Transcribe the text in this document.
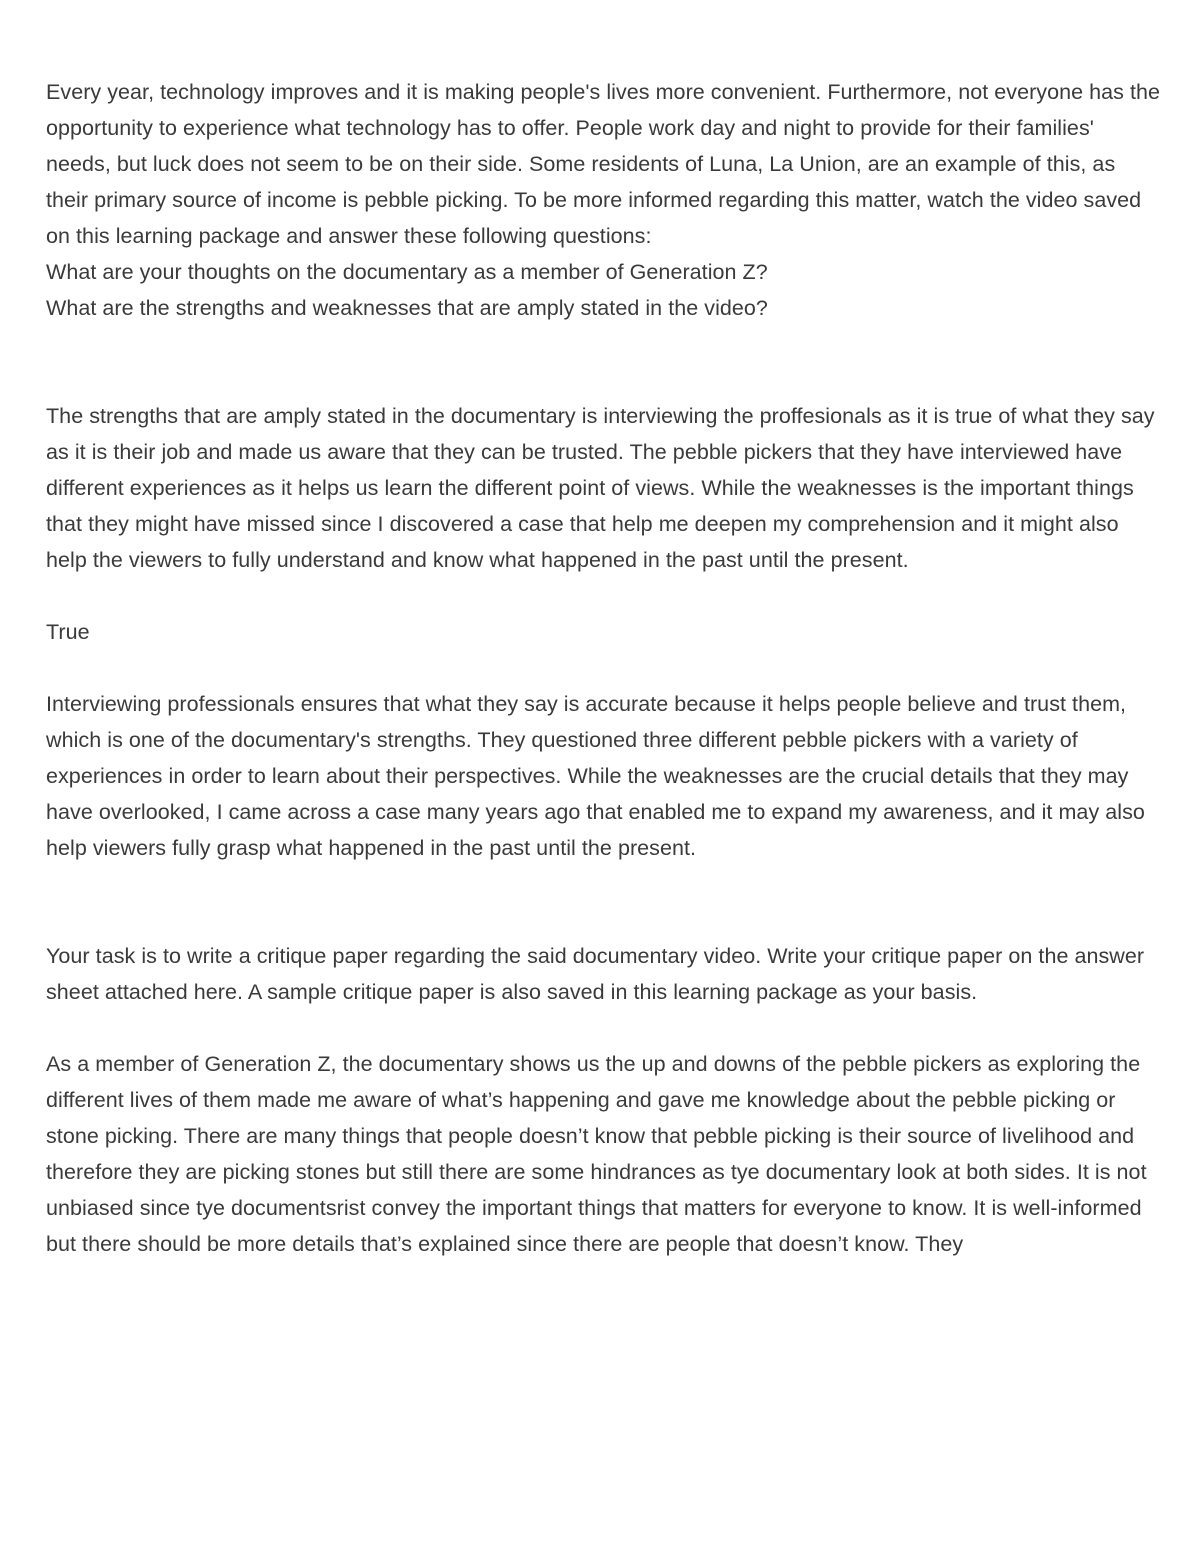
Every year, technology improves and it is making people's lives more convenient. Furthermore, not everyone has the opportunity to experience what technology has to offer. People work day and night to provide for their families' needs, but luck does not seem to be on their side. Some residents of Luna, La Union, are an example of this, as their primary source of income is pebble picking. To be more informed regarding this matter, watch the video saved on this learning package and answer these following questions:

What are your thoughts on the documentary as a member of Generation Z?

What are the strengths and weaknesses that are amply stated in the video?

The strengths that are amply stated in the documentary is interviewing the proffesionals as it is true of what they say as it is their job and made us aware that they can be trusted. The pebble pickers that they have interviewed have different experiences as it helps us learn the different point of views. While the weaknesses is the important things that they might have missed since I discovered a case that help me deepen my comprehension and it might also help the viewers to fully understand and know what happened in the past until the present.

True

Interviewing professionals ensures that what they say is accurate because it helps people believe and trust them, which is one of the documentary's strengths. They questioned three different pebble pickers with a variety of experiences in order to learn about their perspectives. While the weaknesses are the crucial details that they may have overlooked, I came across a case many years ago that enabled me to expand my awareness, and it may also help viewers fully grasp what happened in the past until the present.

Your task is to write a critique paper regarding the said documentary video. Write your critique paper on the answer sheet attached here. A sample critique paper is also saved in this learning package as your basis.

As a member of Generation Z, the documentary shows us the up and downs of the pebble pickers as exploring the different lives of them made me aware of what’s happening and gave me knowledge about the pebble picking or stone picking. There are many things that people doesn’t know that pebble picking is their source of livelihood and therefore they are picking stones but still there are some hindrances as tye documentary look at both sides. It is not unbiased since tye documentsrist convey the important things that matters for everyone to know. It is well-informed but there should be more details that’s explained since there are people that doesn’t know. They
